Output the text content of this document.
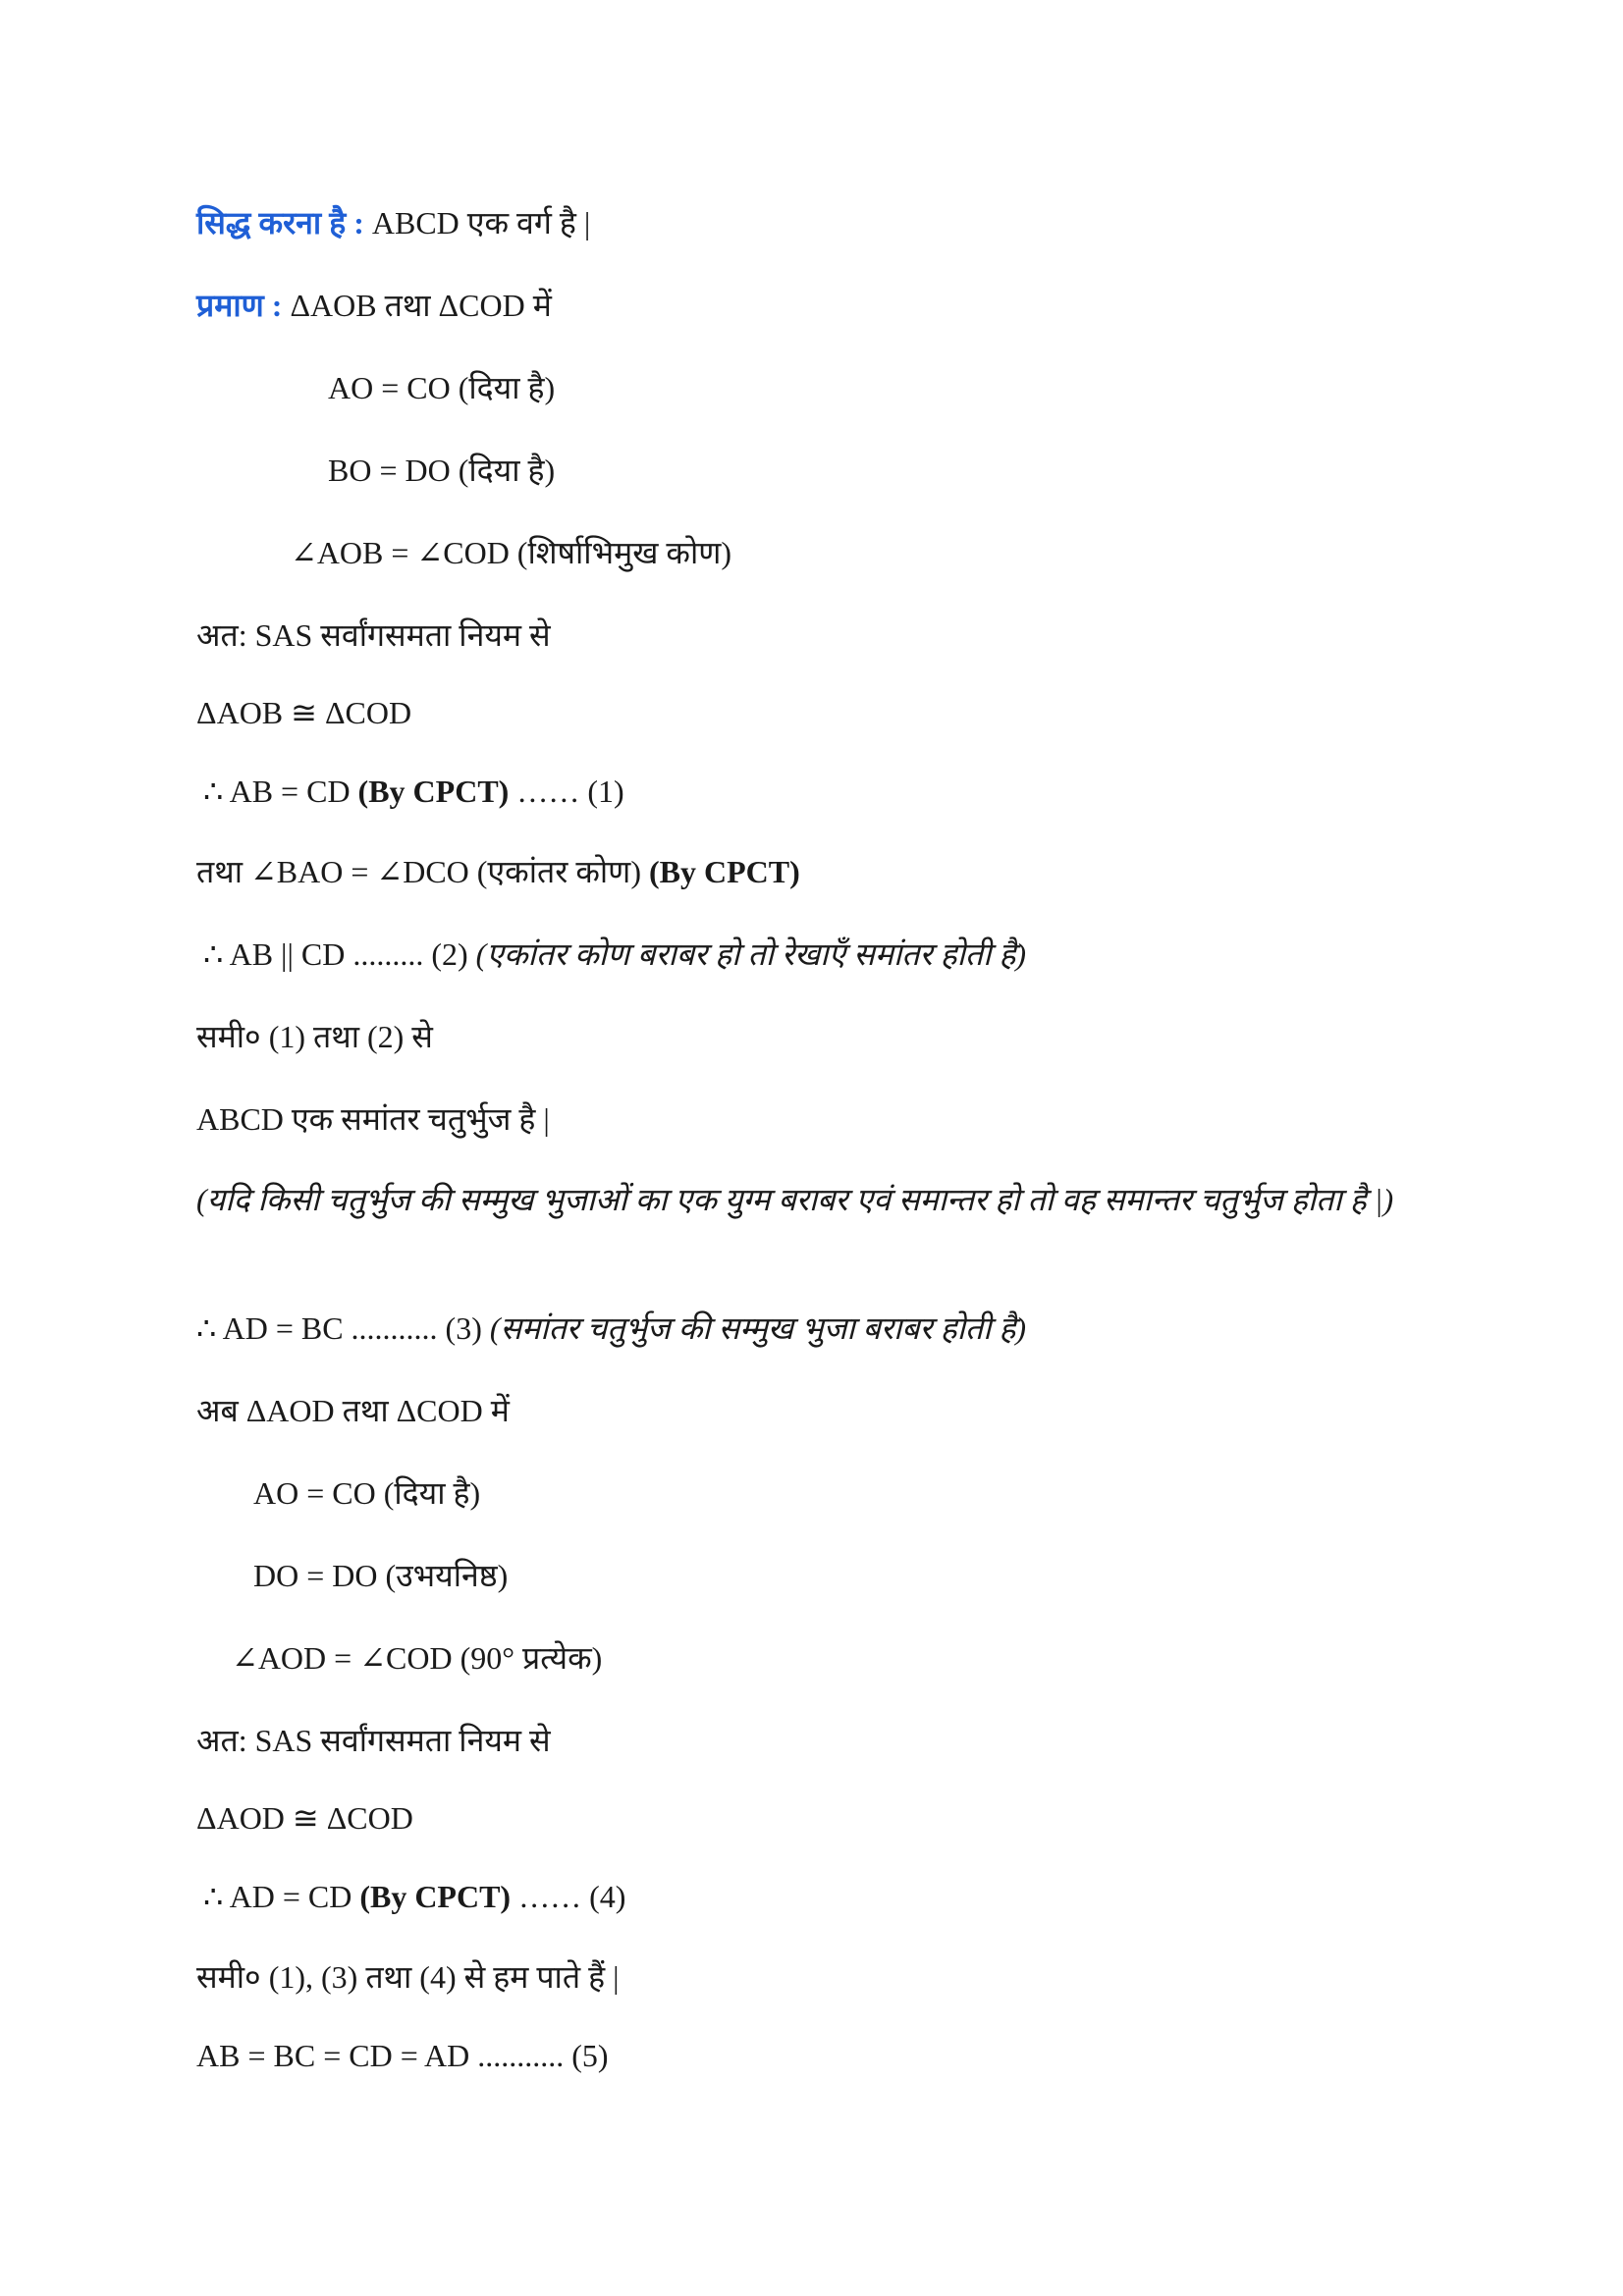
सिद्ध करना है : ABCD एक वर्ग है |
प्रमाण : ΔAOB तथा ΔCOD में
AO = CO (दिया है)
BO = DO (दिया है)
∠AOB = ∠COD (शिर्षाभिमुख कोण)
अत: SAS सर्वांगसमता नियम से
ΔAOB ≅ ΔCOD
∴ AB = CD (By CPCT) …… (1)
तथा ∠BAO = ∠DCO (एकांतर कोण) (By CPCT)
∴ AB || CD ......... (2) (एकांतर कोण बराबर हो तो रेखाएँ समांतर होती है)
समी० (1) तथा (2) से
ABCD एक समांतर चतुर्भुज है |
(यदि किसी चतुर्भुज की सम्मुख भुजाओं का एक युग्म बराबर एवं समान्तर हो तो वह समान्तर चतुर्भुज होता है |)
∴ AD = BC ........... (3) (समांतर चतुर्भुज की सम्मुख भुजा बराबर होती है)
अब ΔAOD तथा ΔCOD में
AO = CO (दिया है)
DO = DO (उभयनिष्ठ)
∠AOD = ∠COD (90° प्रत्येक)
अत: SAS सर्वांगसमता नियम से
ΔAOD ≅ ΔCOD
∴ AD = CD (By CPCT) …… (4)
समी० (1), (3) तथा (4) से हम पाते हैं |
AB = BC = CD = AD ........... (5)
